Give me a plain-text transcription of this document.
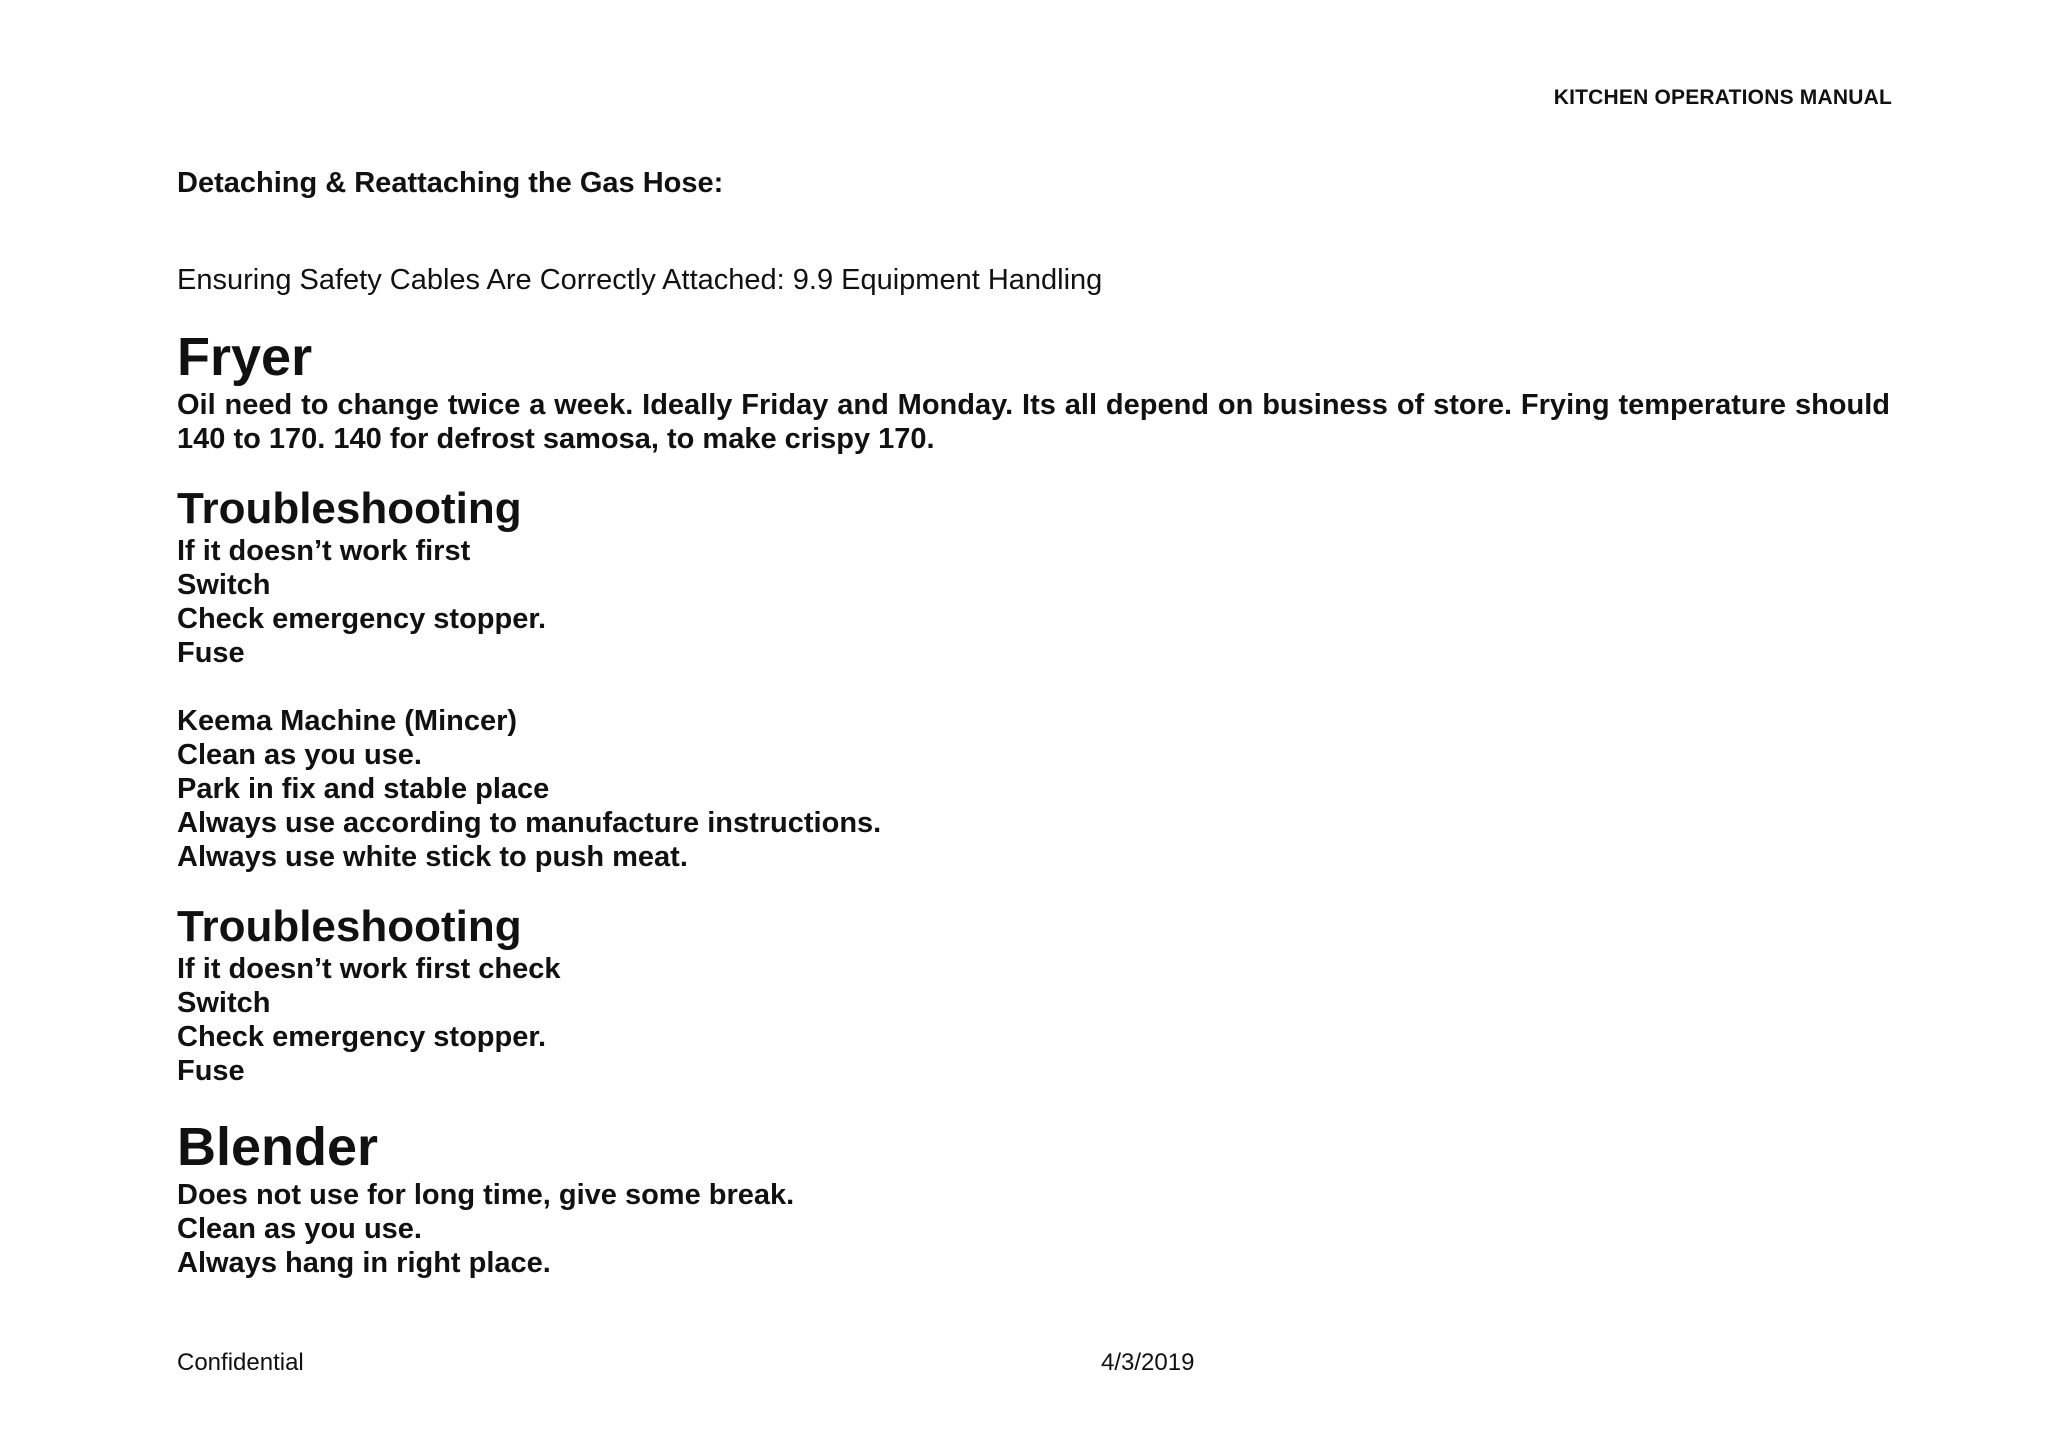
KITCHEN OPERATIONS MANUAL

Detaching & Reattaching the Gas Hose:

Ensuring Safety Cables Are Correctly Attached: 9.9 Equipment Handling

Fryer

Oil need to change twice a week. Ideally Friday and Monday. Its all depend on business of store. Frying temperature should 140 to 170. 140 for defrost samosa, to make crispy 170.

Troubleshooting
If it doesn’t work first
Switch
Check emergency stopper.
Fuse
Keema Machine (Mincer)
Clean as you use.
Park in fix and stable place
Always use according to manufacture instructions.
Always use white stick to push meat.
Troubleshooting
If it doesn’t work first check
Switch
Check emergency stopper.
Fuse
Blender
Does not use for long time, give some break.
Clean as you use.
Always hang in right place.
Confidential	4/3/2019
